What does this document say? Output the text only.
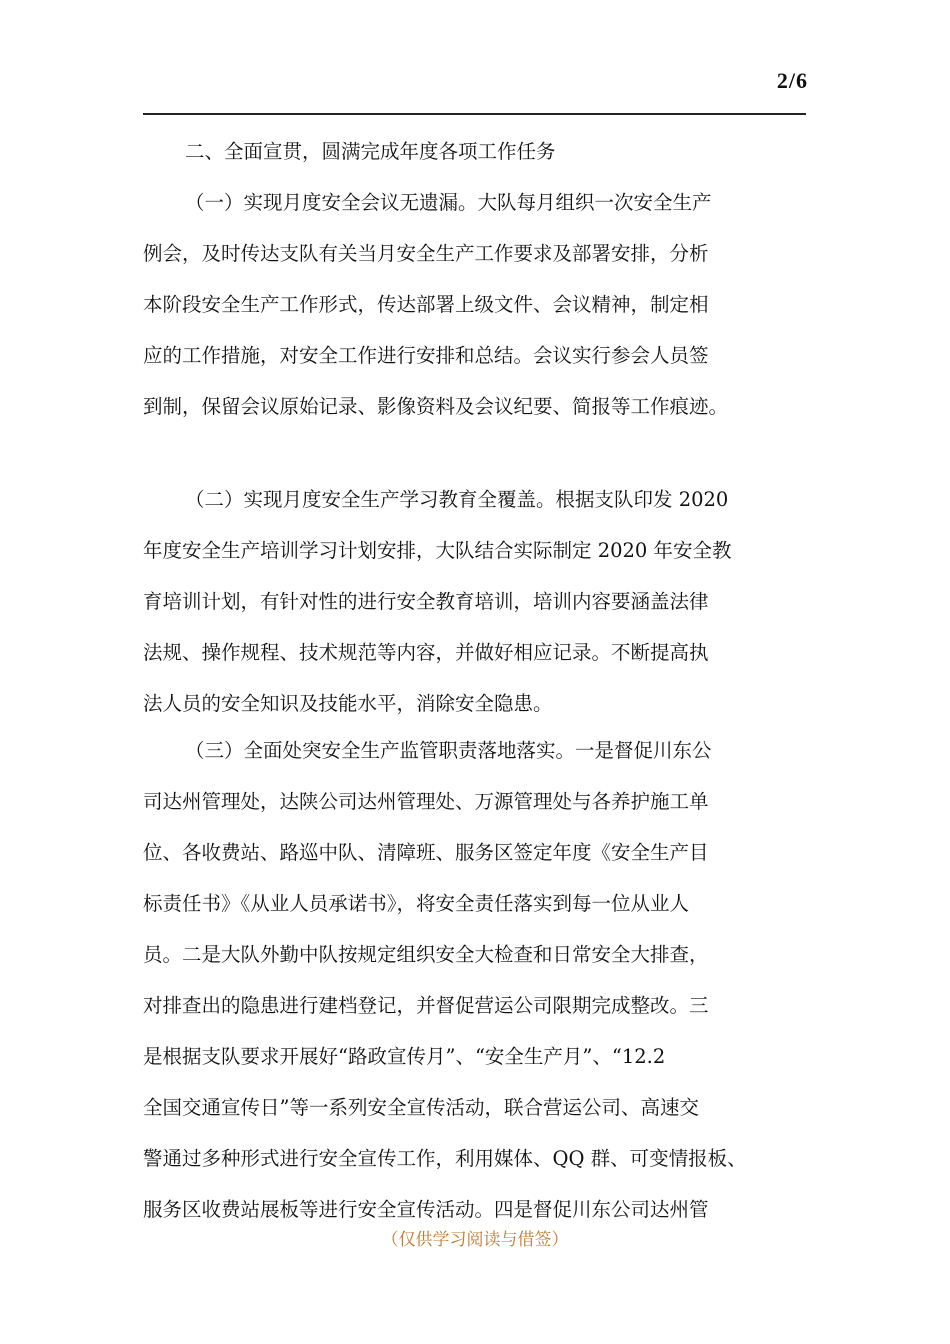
2/6
二、全面宣贯，圆满完成年度各项工作任务
（一）实现月度安全会议无遗漏。大队每月组织一次安全生产
例会，及时传达支队有关当月安全生产工作要求及部署安排，分析
本阶段安全生产工作形式，传达部署上级文件、会议精神，制定相
应的工作措施，对安全工作进行安排和总结。会议实行参会人员签
到制，保留会议原始记录、影像资料及会议纪要、简报等工作痕迹。
（二）实现月度安全生产学习教育全覆盖。根据支队印发 2020
年度安全生产培训学习计划安排，大队结合实际制定 2020 年安全教
育培训计划，有针对性的进行安全教育培训，培训内容要涵盖法律
法规、操作规程、技术规范等内容，并做好相应记录。不断提高执
法人员的安全知识及技能水平，消除安全隐患。
（三）全面处突安全生产监管职责落地落实。一是督促川东公
司达州管理处，达陕公司达州管理处、万源管理处与各养护施工单
位、各收费站、路巡中队、清障班、服务区签定年度《安全生产目
标责任书》《从业人员承诺书》，将安全责任落实到每一位从业人
员。二是大队外勤中队按规定组织安全大检查和日常安全大排查，
对排查出的隐患进行建档登记，并督促营运公司限期完成整改。三
是根据支队要求开展好“路政宣传月”、“安全生产月”、“12.2
全国交通宣传日”等一系列安全宣传活动，联合营运公司、高速交
警通过多种形式进行安全宣传工作，利用媒体、QQ 群、可变情报板、
服务区收费站展板等进行安全宣传活动。四是督促川东公司达州管
（仅供学习阅读与借签）
